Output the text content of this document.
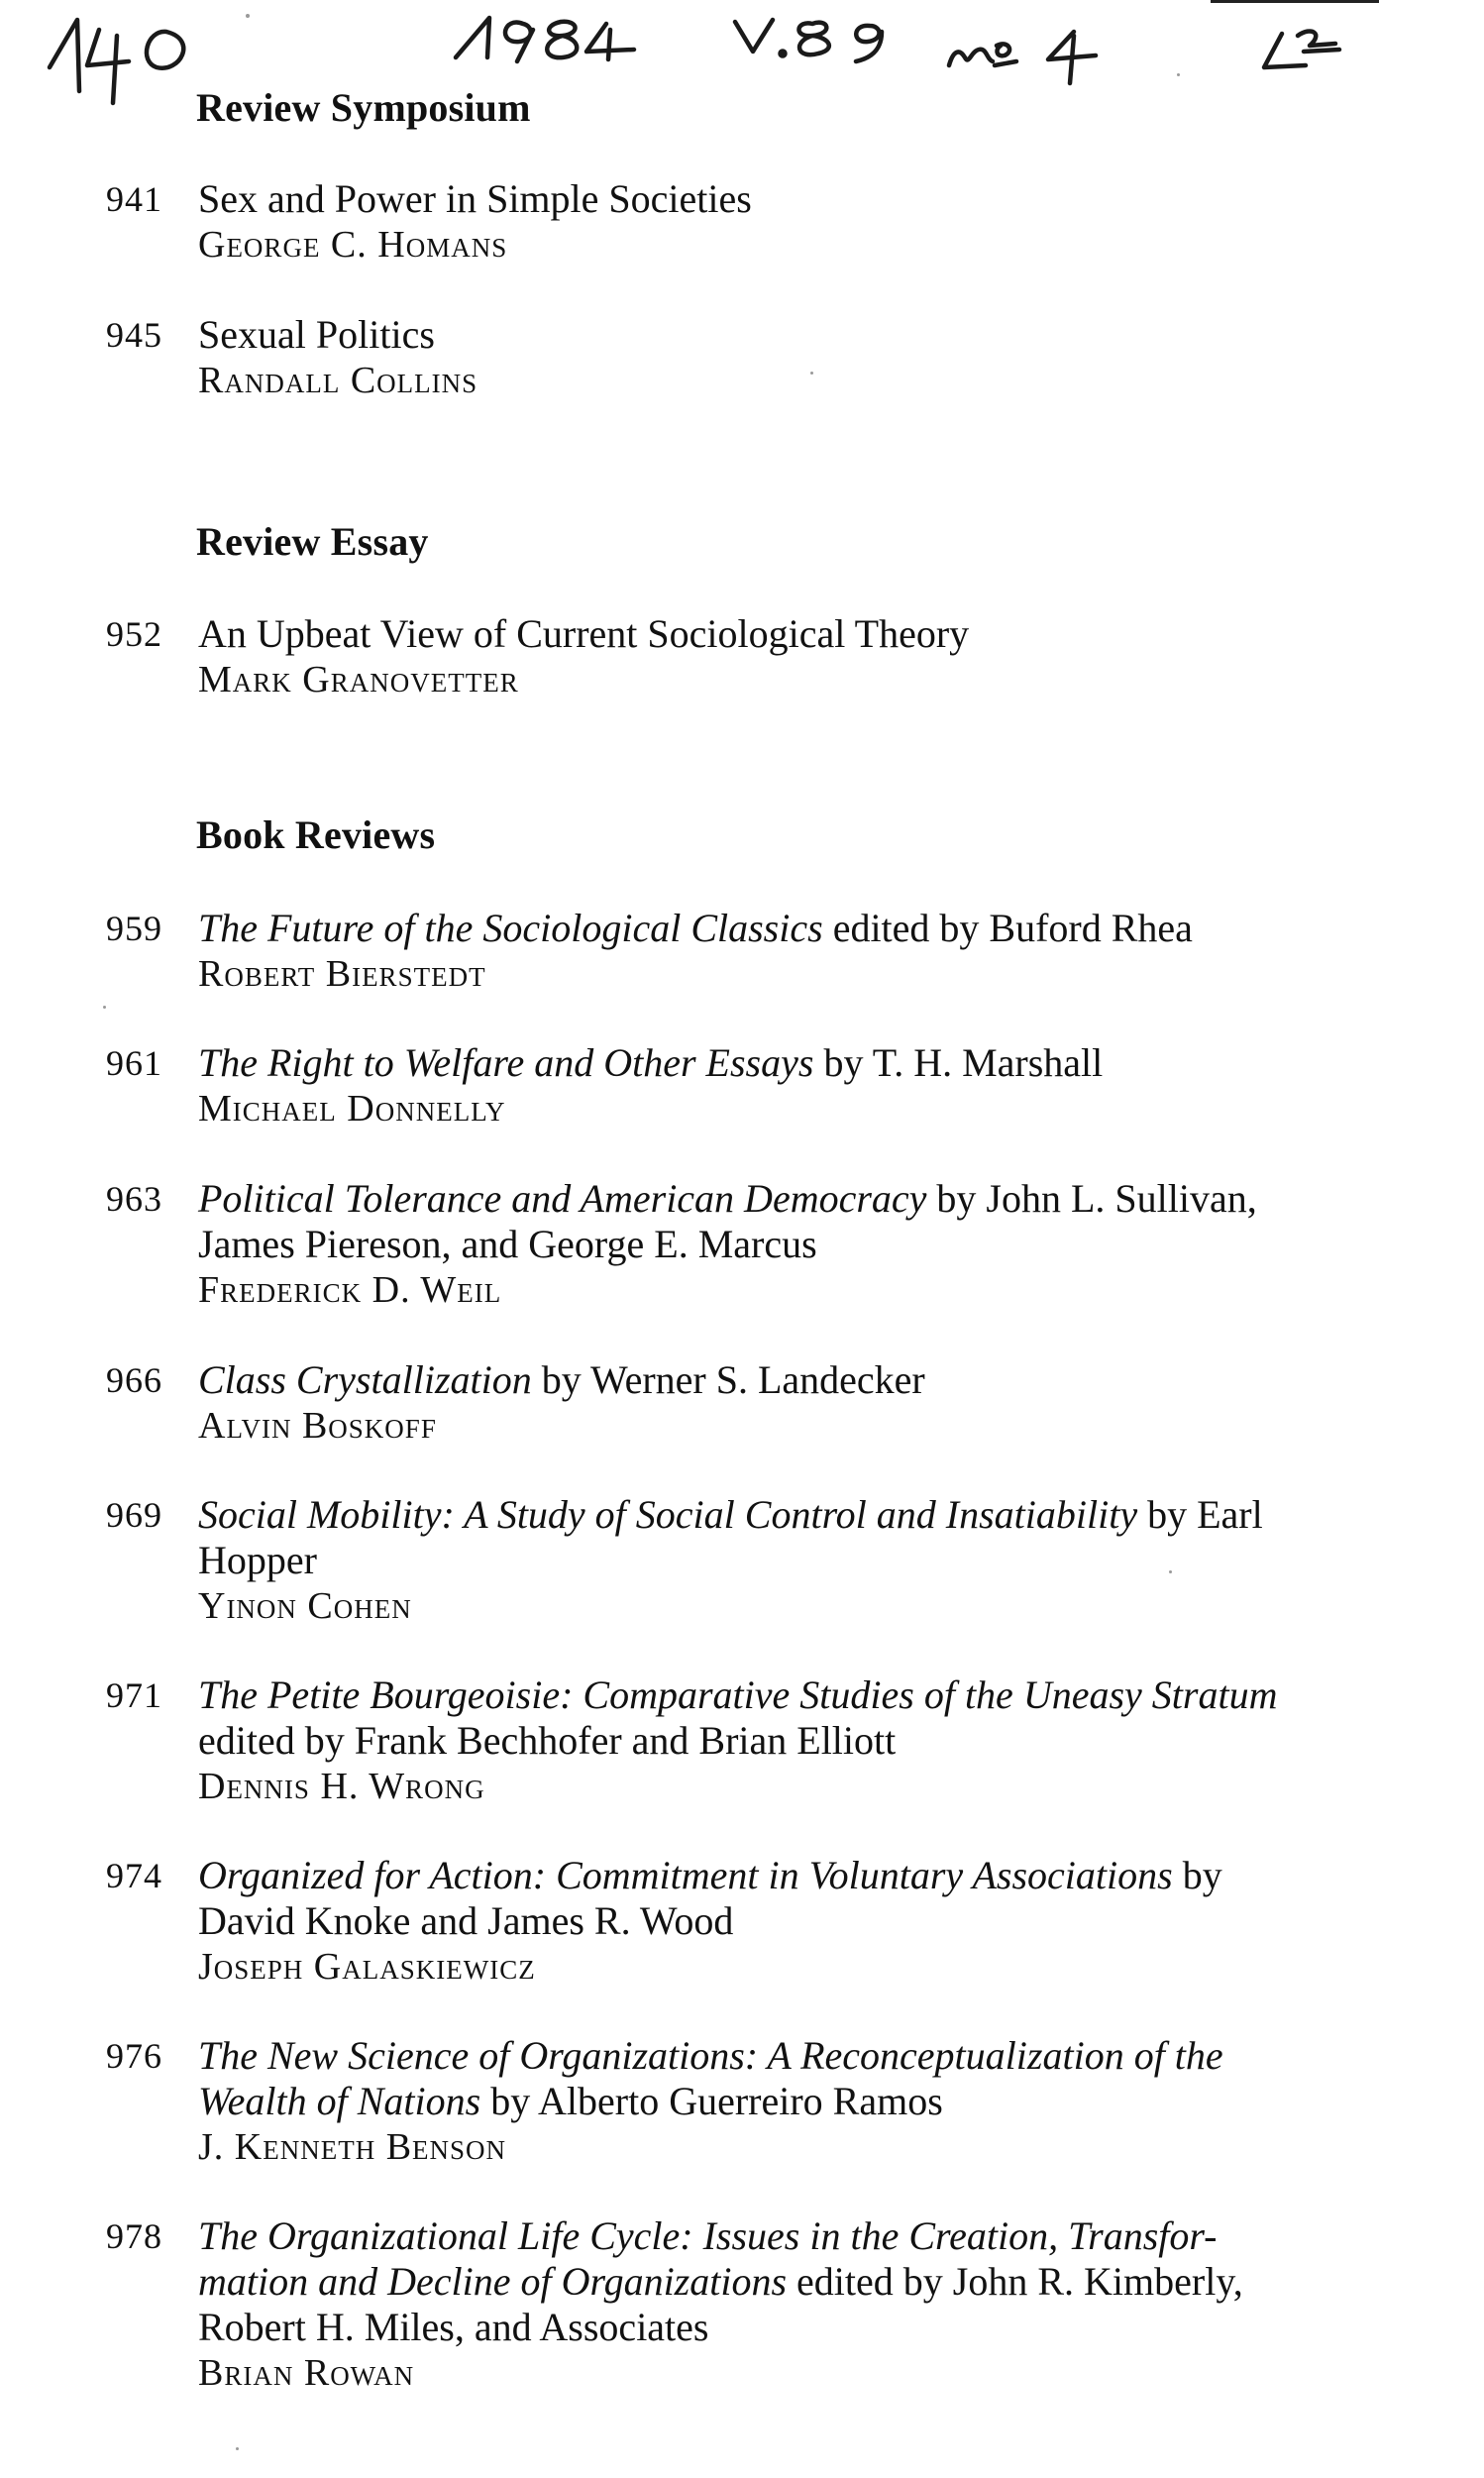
Review Symposium
941 Sex and Power in Simple Societies
George C. Homans
945 Sexual Politics
Randall Collins
Review Essay
952 An Upbeat View of Current Sociological Theory
Mark Granovetter
Book Reviews
959 The Future of the Sociological Classics edited by Buford Rhea
Robert Bierstedt
961 The Right to Welfare and Other Essays by T. H. Marshall
Michael Donnelly
963 Political Tolerance and American Democracy by John L. Sullivan,
James Piereson, and George E. Marcus
Frederick D. Weil
966 Class Crystallization by Werner S. Landecker
Alvin Boskoff
969 Social Mobility: A Study of Social Control and Insatiability by Earl
Hopper
Yinon Cohen
971 The Petite Bourgeoisie: Comparative Studies of the Uneasy Stratum
edited by Frank Bechhofer and Brian Elliott
Dennis H. Wrong
974 Organized for Action: Commitment in Voluntary Associations by
David Knoke and James R. Wood
Joseph Galaskiewicz
976 The New Science of Organizations: A Reconceptualization of the
Wealth of Nations by Alberto Guerreiro Ramos
J. Kenneth Benson
978 The Organizational Life Cycle: Issues in the Creation, Transfor-
mation and Decline of Organizations edited by John R. Kimberly,
Robert H. Miles, and Associates
Brian Rowan
